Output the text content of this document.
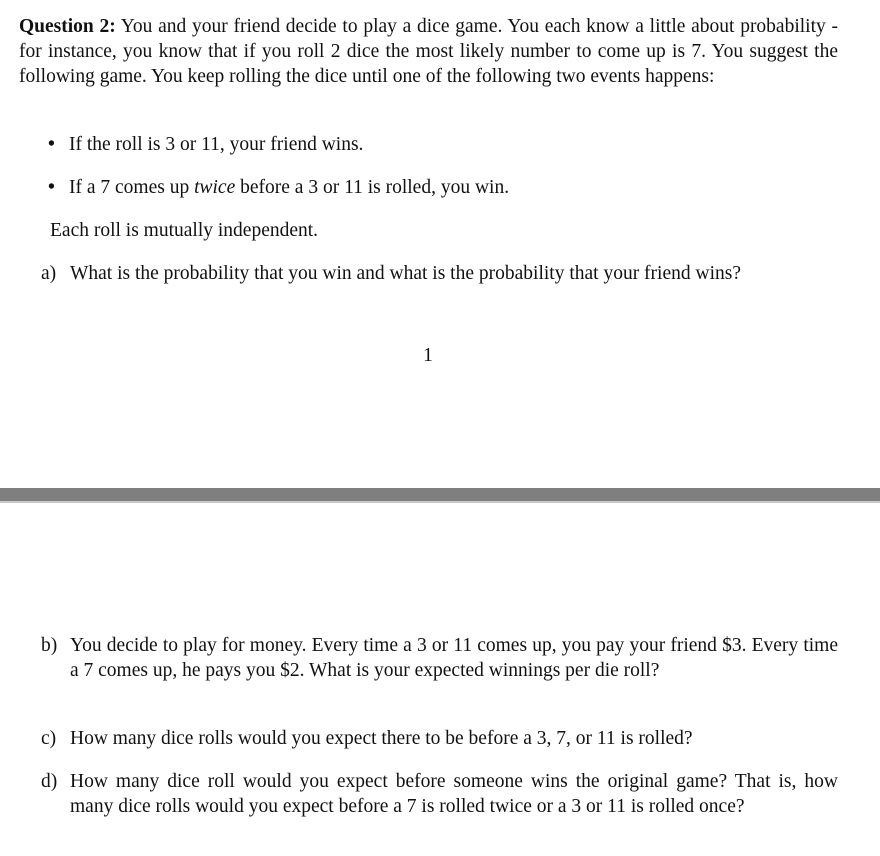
Question 2: You and your friend decide to play a dice game. You each know a little about probability - for instance, you know that if you roll 2 dice the most likely number to come up is 7. You suggest the following game. You keep rolling the dice until one of the following two events happens:

• If the roll is 3 or 11, your friend wins.

• If a 7 comes up twice before a 3 or 11 is rolled, you win.

Each roll is mutually independent.

a) What is the probability that you win and what is the probability that your friend wins?

1

b) You decide to play for money. Every time a 3 or 11 comes up, you pay your friend $3. Every time a 7 comes up, he pays you $2. What is your expected winnings per die roll?
c) How many dice rolls would you expect there to be before a 3, 7, or 11 is rolled?
d) How many dice roll would you expect before someone wins the original game? That is, how many dice rolls would you expect before a 7 is rolled twice or a 3 or 11 is rolled once?
